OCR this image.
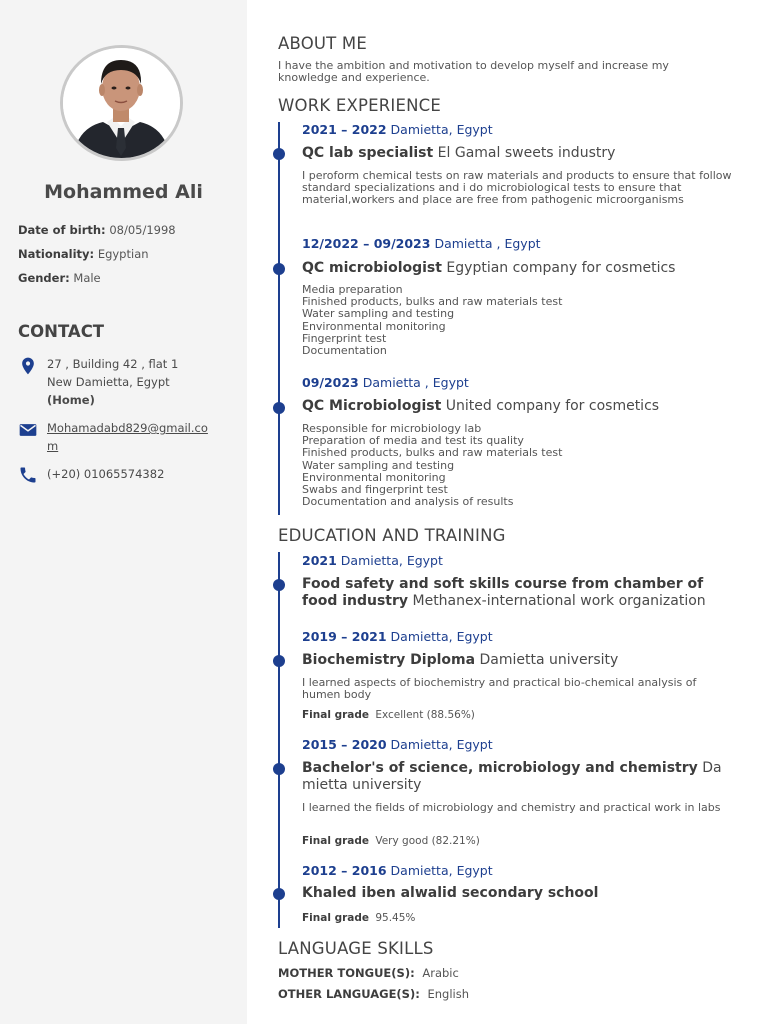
Mohammed Ali
Date of birth: 08/05/1998
Nationality: Egyptian
Gender: Male
CONTACT
27 , Building 42 , flat 1
New Damietta, Egypt
(Home)
Mohamadabd829@gmail.com
(+20) 01065574382
ABOUT ME
I have the ambition and motivation to develop myself and increase my knowledge and experience.
WORK EXPERIENCE
2021 – 2022 Damietta, Egypt
QC lab specialist El Gamal sweets industry
I peroform chemical tests on raw materials and products to ensure that follow standard specializations and i do microbiological tests to ensure that material,workers and place are free from pathogenic microorganisms
12/2022 – 09/2023 Damietta , Egypt
QC microbiologist Egyptian company for cosmetics
Media preparation
Finished products, bulks and raw materials test
Water sampling and testing
Environmental monitoring
Fingerprint test
Documentation
09/2023 Damietta , Egypt
QC Microbiologist United company for cosmetics
Responsible for microbiology lab
Preparation of media and test its quality
Finished products, bulks and raw materials test
Water sampling and testing
Environmental monitoring
Swabs and fingerprint test
Documentation and analysis of results
EDUCATION AND TRAINING
2021 Damietta, Egypt
Food safety and soft skills course from chamber of food industry Methanex-international work organization
2019 – 2021 Damietta, Egypt
Biochemistry Diploma Damietta university
I learned aspects of biochemistry and practical bio-chemical analysis of humen body
Final grade Excellent (88.56%)
2015 – 2020 Damietta, Egypt
Bachelor's of science, microbiology and chemistry Damietta university
I learned the fields of microbiology and chemistry and practical work in labs
Final grade Very good (82.21%)
2012 – 2016 Damietta, Egypt
Khaled iben alwalid secondary school
Final grade 95.45%
LANGUAGE SKILLS
MOTHER TONGUE(S): Arabic
OTHER LANGUAGE(S): English
